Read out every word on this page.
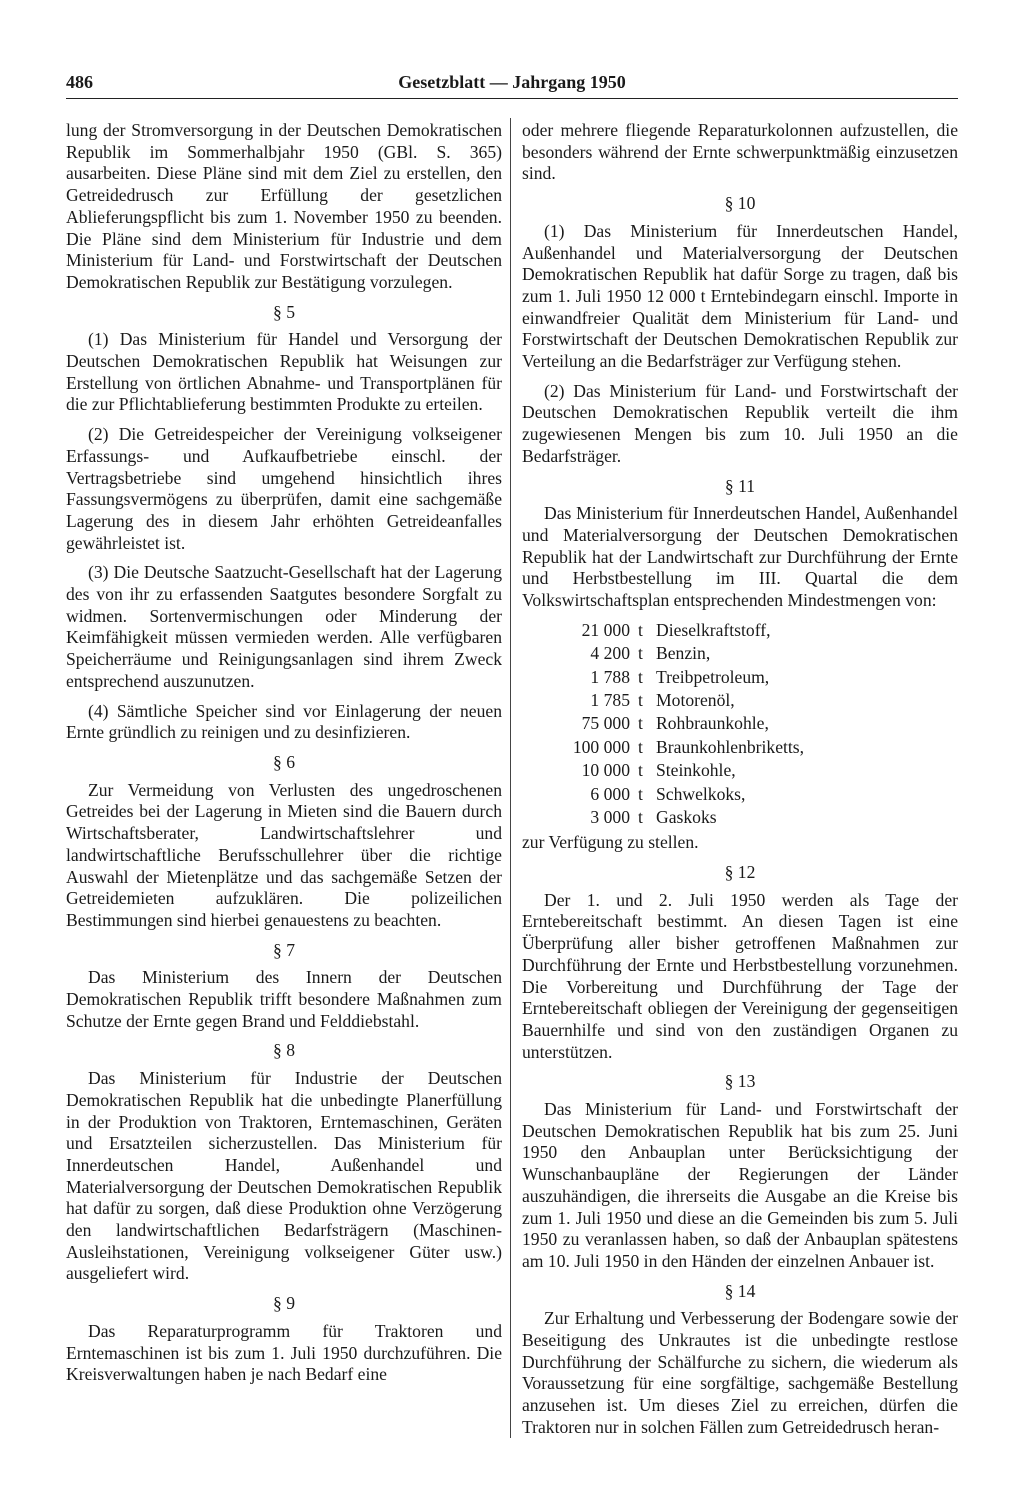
486	Gesetzblatt — Jahrgang 1950

lung der Stromversorgung in der Deutschen Demokratischen Republik im Sommerhalbjahr 1950 (GBl. S. 365) ausarbeiten. Diese Pläne sind mit dem Ziel zu erstellen, den Getreidedrusch zur Erfüllung der gesetzlichen Ablieferungspflicht bis zum 1. November 1950 zu beenden. Die Pläne sind dem Ministerium für Industrie und dem Ministerium für Land- und Forstwirtschaft der Deutschen Demokratischen Republik zur Bestätigung vorzulegen.

§ 5

(1) Das Ministerium für Handel und Versorgung der Deutschen Demokratischen Republik hat Weisungen zur Erstellung von örtlichen Abnahme- und Transportplänen für die zur Pflichtablieferung bestimmten Produkte zu erteilen.

(2) Die Getreidespeicher der Vereinigung volkseigener Erfassungs- und Aufkaufbetriebe einschl. der Vertragsbetriebe sind umgehend hinsichtlich ihres Fassungsvermögens zu überprüfen, damit eine sachgemäße Lagerung des in diesem Jahr erhöhten Getreideanfalles gewährleistet ist.

(3) Die Deutsche Saatzucht-Gesellschaft hat der Lagerung des von ihr zu erfassenden Saatgutes besondere Sorgfalt zu widmen. Sortenvermischungen oder Minderung der Keimfähigkeit müssen vermieden werden. Alle verfügbaren Speicherräume und Reinigungsanlagen sind ihrem Zweck entsprechend auszunutzen.

(4) Sämtliche Speicher sind vor Einlagerung der neuen Ernte gründlich zu reinigen und zu desinfizieren.

§ 6

Zur Vermeidung von Verlusten des ungedroschenen Getreides bei der Lagerung in Mieten sind die Bauern durch Wirtschaftsberater, Landwirtschaftslehrer und landwirtschaftliche Berufsschullehrer über die richtige Auswahl der Mietenplätze und das sachgemäße Setzen der Getreidemieten aufzuklären. Die polizeilichen Bestimmungen sind hierbei genauestens zu beachten.

§ 7

Das Ministerium des Innern der Deutschen Demokratischen Republik trifft besondere Maßnahmen zum Schutze der Ernte gegen Brand und Felddiebstahl.

§ 8

Das Ministerium für Industrie der Deutschen Demokratischen Republik hat die unbedingte Planerfüllung in der Produktion von Traktoren, Erntemaschinen, Geräten und Ersatzteilen sicherzustellen. Das Ministerium für Innerdeutschen Handel, Außenhandel und Materialversorgung der Deutschen Demokratischen Republik hat dafür zu sorgen, daß diese Produktion ohne Verzögerung den landwirtschaftlichen Bedarfsträgern (Maschinen-Ausleihstationen, Vereinigung volkseigener Güter usw.) ausgeliefert wird.

§ 9

Das Reparaturprogramm für Traktoren und Erntemaschinen ist bis zum 1. Juli 1950 durchzuführen. Die Kreisverwaltungen haben je nach Bedarf eine

oder mehrere fliegende Reparaturkolonnen aufzustellen, die besonders während der Ernte schwerpunktmäßig einzusetzen sind.

§ 10

(1) Das Ministerium für Innerdeutschen Handel, Außenhandel und Materialversorgung der Deutschen Demokratischen Republik hat dafür Sorge zu tragen, daß bis zum 1. Juli 1950 12 000 t Erntebindegarn einschl. Importe in einwandfreier Qualität dem Ministerium für Land- und Forstwirtschaft der Deutschen Demokratischen Republik zur Verteilung an die Bedarfsträger zur Verfügung stehen.

(2) Das Ministerium für Land- und Forstwirtschaft der Deutschen Demokratischen Republik verteilt die ihm zugewiesenen Mengen bis zum 10. Juli 1950 an die Bedarfsträger.

§ 11

Das Ministerium für Innerdeutschen Handel, Außenhandel und Materialversorgung der Deutschen Demokratischen Republik hat der Landwirtschaft zur Durchführung der Ernte und Herbstbestellung im III. Quartal die dem Volkswirtschaftsplan entsprechenden Mindestmengen von:

21 000 t Dieselkraftstoff,
4 200 t Benzin,
1 788 t Treibpetroleum,
1 785 t Motorenöl,
75 000 t Rohbraunkohle,
100 000 t Braunkohlenbriketts,
10 000 t Steinkohle,
6 000 t Schwelkoks,
3 000 t Gaskoks

zur Verfügung zu stellen.

§ 12

Der 1. und 2. Juli 1950 werden als Tage der Erntebereitschaft bestimmt. An diesen Tagen ist eine Überprüfung aller bisher getroffenen Maßnahmen zur Durchführung der Ernte und Herbstbestellung vorzunehmen. Die Vorbereitung und Durchführung der Tage der Erntebereitschaft obliegen der Vereinigung der gegenseitigen Bauernhilfe und sind von den zuständigen Organen zu unterstützen.

§ 13

Das Ministerium für Land- und Forstwirtschaft der Deutschen Demokratischen Republik hat bis zum 25. Juni 1950 den Anbauplan unter Berücksichtigung der Wunschanbaupläne der Regierungen der Länder auszuhändigen, die ihrerseits die Ausgabe an die Kreise bis zum 1. Juli 1950 und diese an die Gemeinden bis zum 5. Juli 1950 zu veranlassen haben, so daß der Anbauplan spätestens am 10. Juli 1950 in den Händen der einzelnen Anbauer ist.

§ 14

Zur Erhaltung und Verbesserung der Bodengare sowie der Beseitigung des Unkrautes ist die unbedingte restlose Durchführung der Schälfurche zu sichern, die wiederum als Voraussetzung für eine sorgfältige, sachgemäße Bestellung anzusehen ist. Um dieses Ziel zu erreichen, dürfen die Traktoren nur in solchen Fällen zum Getreidedrusch heran-
